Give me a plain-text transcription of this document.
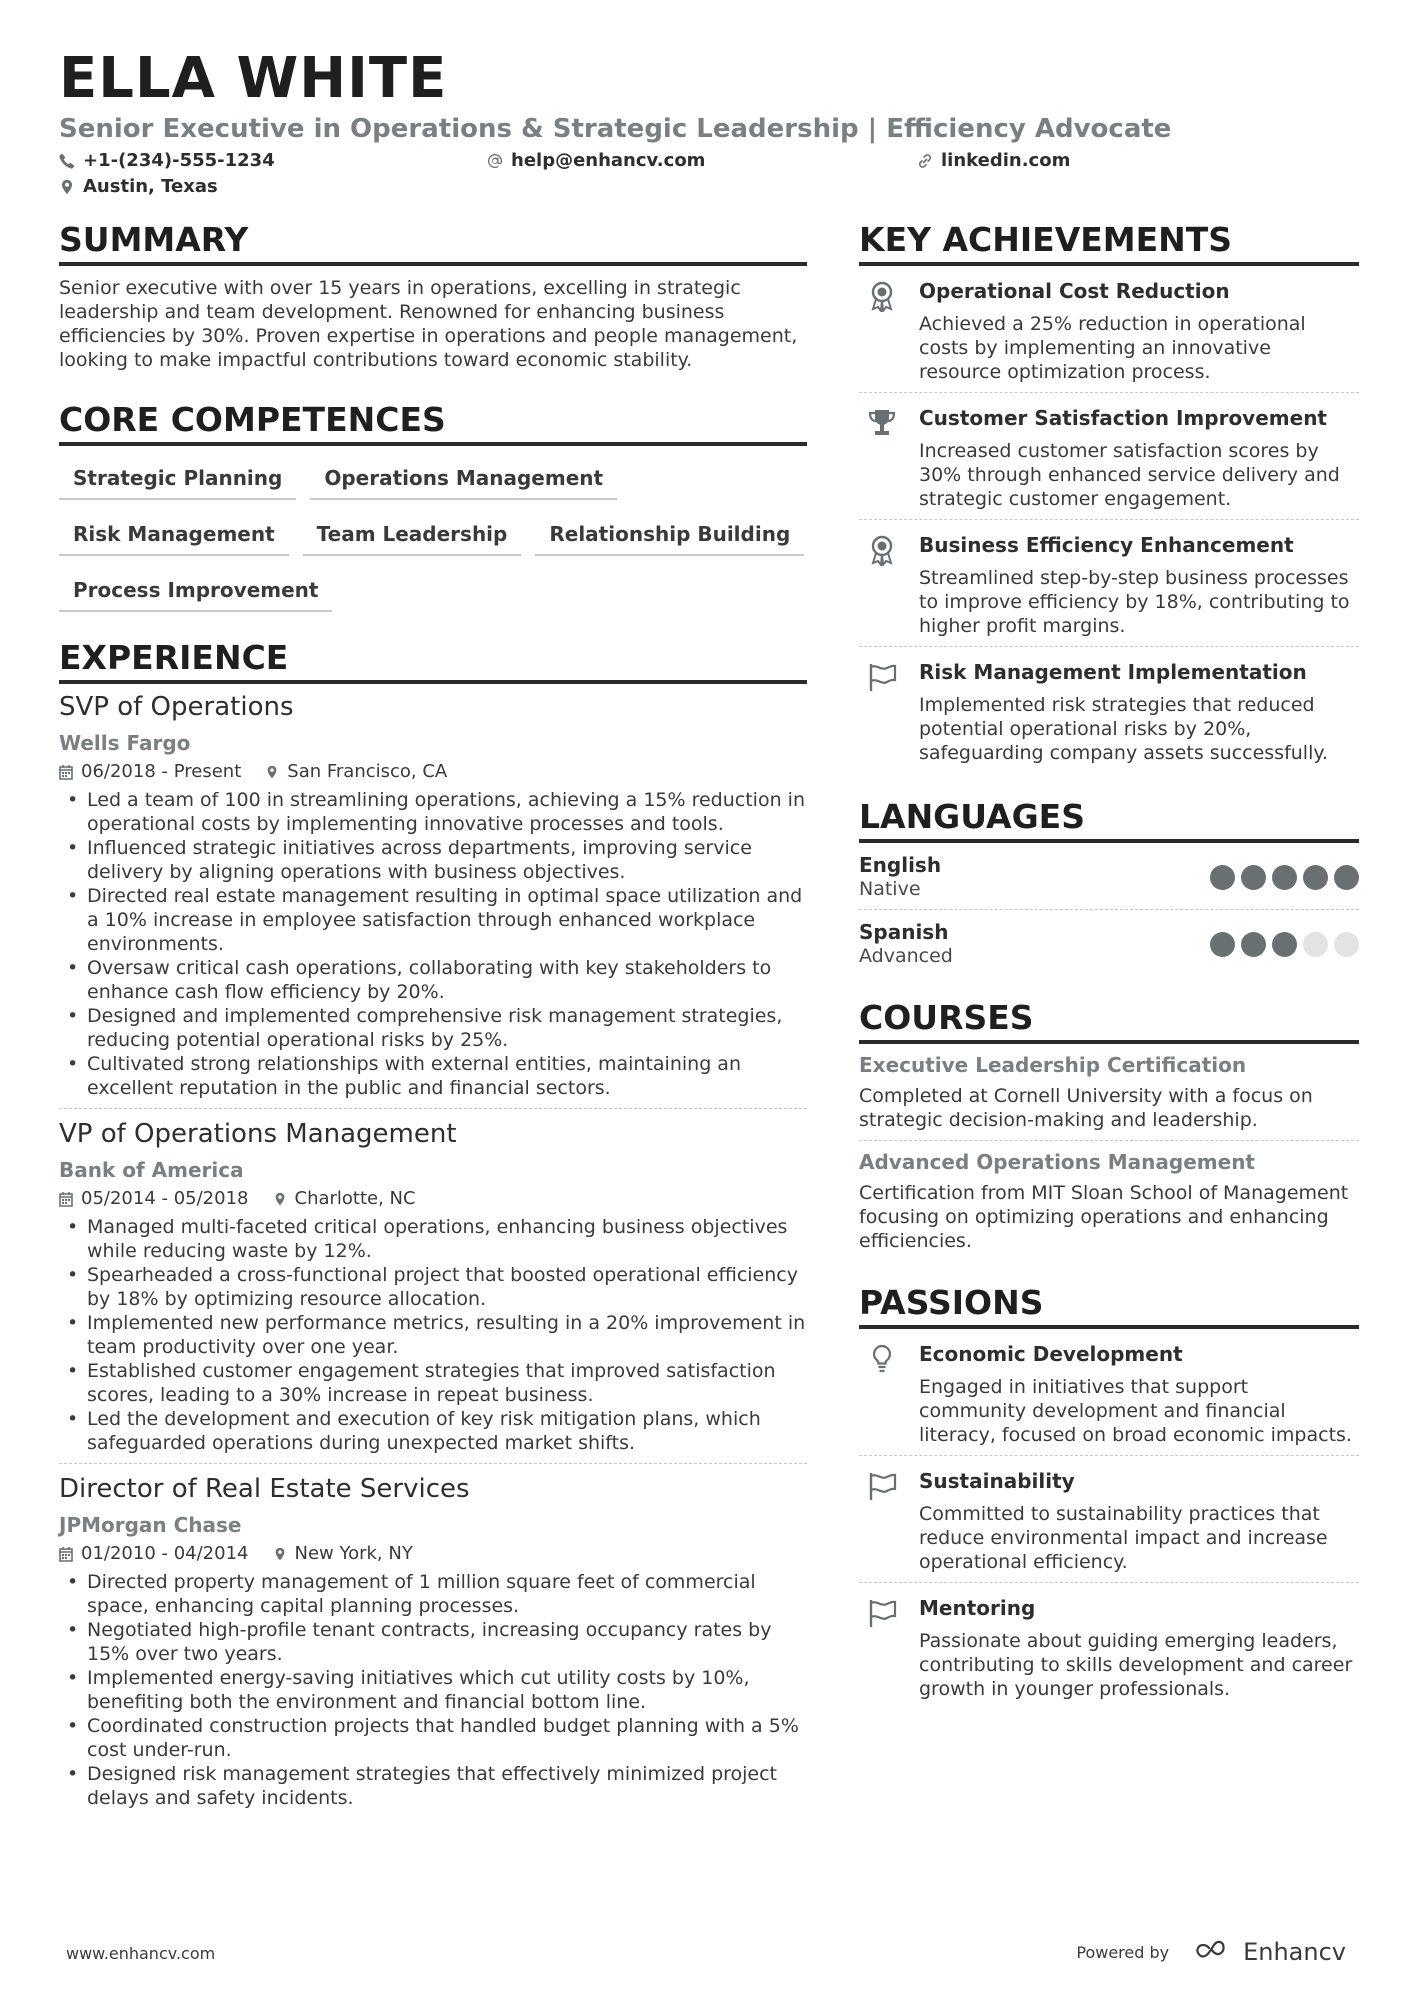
ELLA WHITE
Senior Executive in Operations & Strategic Leadership | Efficiency Advocate
+1-(234)-555-1234	help@enhancv.com	linkedin.com
Austin, Texas
SUMMARY
Senior executive with over 15 years in operations, excelling in strategic leadership and team development. Renowned for enhancing business efficiencies by 30%. Proven expertise in operations and people management, looking to make impactful contributions toward economic stability.
CORE COMPETENCES
Strategic Planning	Operations Management
Risk Management	Team Leadership	Relationship Building
Process Improvement
EXPERIENCE
SVP of Operations
Wells Fargo
06/2018 - Present	San Francisco, CA
• Led a team of 100 in streamlining operations, achieving a 15% reduction in operational costs by implementing innovative processes and tools.
• Influenced strategic initiatives across departments, improving service delivery by aligning operations with business objectives.
• Directed real estate management resulting in optimal space utilization and a 10% increase in employee satisfaction through enhanced workplace environments.
• Oversaw critical cash operations, collaborating with key stakeholders to enhance cash flow efficiency by 20%.
• Designed and implemented comprehensive risk management strategies, reducing potential operational risks by 25%.
• Cultivated strong relationships with external entities, maintaining an excellent reputation in the public and financial sectors.
VP of Operations Management
Bank of America
05/2014 - 05/2018	Charlotte, NC
• Managed multi-faceted critical operations, enhancing business objectives while reducing waste by 12%.
• Spearheaded a cross-functional project that boosted operational efficiency by 18% by optimizing resource allocation.
• Implemented new performance metrics, resulting in a 20% improvement in team productivity over one year.
• Established customer engagement strategies that improved satisfaction scores, leading to a 30% increase in repeat business.
• Led the development and execution of key risk mitigation plans, which safeguarded operations during unexpected market shifts.
Director of Real Estate Services
JPMorgan Chase
01/2010 - 04/2014	New York, NY
• Directed property management of 1 million square feet of commercial space, enhancing capital planning processes.
• Negotiated high-profile tenant contracts, increasing occupancy rates by 15% over two years.
• Implemented energy-saving initiatives which cut utility costs by 10%, benefiting both the environment and financial bottom line.
• Coordinated construction projects that handled budget planning with a 5% cost under-run.
• Designed risk management strategies that effectively minimized project delays and safety incidents.
KEY ACHIEVEMENTS
Operational Cost Reduction
Achieved a 25% reduction in operational costs by implementing an innovative resource optimization process.
Customer Satisfaction Improvement
Increased customer satisfaction scores by 30% through enhanced service delivery and strategic customer engagement.
Business Efficiency Enhancement
Streamlined step-by-step business processes to improve efficiency by 18%, contributing to higher profit margins.
Risk Management Implementation
Implemented risk strategies that reduced potential operational risks by 20%, safeguarding company assets successfully.
LANGUAGES
English
Native
Spanish
Advanced
COURSES
Executive Leadership Certification
Completed at Cornell University with a focus on strategic decision-making and leadership.
Advanced Operations Management
Certification from MIT Sloan School of Management focusing on optimizing operations and enhancing efficiencies.
PASSIONS
Economic Development
Engaged in initiatives that support community development and financial literacy, focused on broad economic impacts.
Sustainability
Committed to sustainability practices that reduce environmental impact and increase operational efficiency.
Mentoring
Passionate about guiding emerging leaders, contributing to skills development and career growth in younger professionals.
www.enhancv.com	Powered by	Enhancv
